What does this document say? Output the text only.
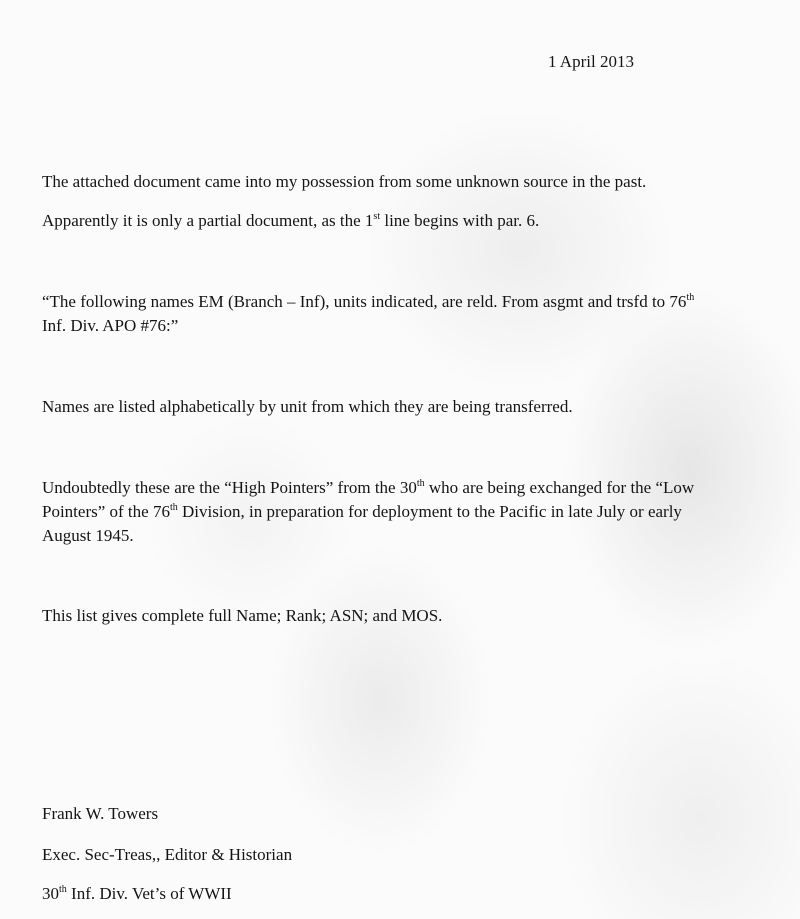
1 April 2013

The attached document came into my possession from some unknown source in the past.

Apparently it is only a partial document, as the 1st line begins with par. 6.

“The following names EM (Branch – Inf), units indicated, are reld. From asgmt and trsfd to 76th

Inf. Div. APO #76:”

Names are listed alphabetically by unit from which they are being transferred.

Undoubtedly these are the “High Pointers” from the 30th who are being exchanged for the “Low

Pointers” of the 76th Division, in preparation for deployment to the Pacific in late July or early

August 1945.

This list gives complete full Name; Rank; ASN; and MOS.

Frank W. Towers

Exec. Sec-Treas,, Editor & Historian

30th Inf. Div. Vet’s of WWII
